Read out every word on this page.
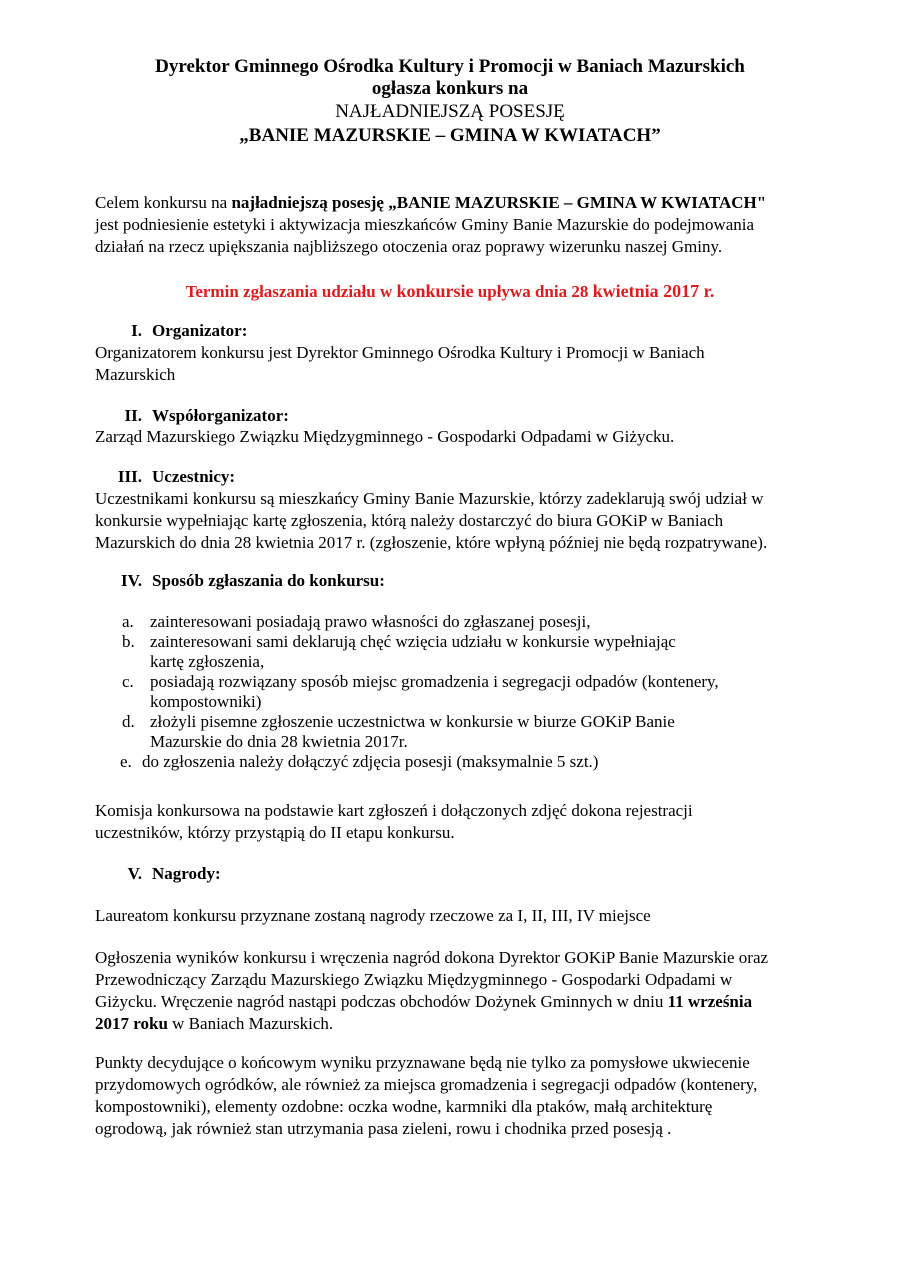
Dyrektor Gminnego Ośrodka Kultury i Promocji w Baniach Mazurskich
ogłasza konkurs na
NAJŁADNIEJSZĄ POSESJĘ
„BANIE MAZURSKIE – GMINA W KWIATACH”
Celem konkursu na najładniejszą posesję „BANIE MAZURSKIE – GMINA W KWIATACH"
jest podniesienie estetyki i aktywizacja mieszkańców Gminy Banie Mazurskie do podejmowania
działań na rzecz upiększania najbliższego otoczenia oraz poprawy wizerunku naszej Gminy.
Termin zgłaszania udziału w konkursie upływa dnia 28 kwietnia 2017 r.
I. Organizator:
Organizatorem konkursu jest Dyrektor Gminnego Ośrodka Kultury i Promocji w Baniach
Mazurskich
II. Współorganizator:
Zarząd Mazurskiego Związku Międzygminnego - Gospodarki Odpadami w Giżycku.
III. Uczestnicy:
Uczestnikami konkursu są mieszkańcy Gminy Banie Mazurskie, którzy zadeklarują swój udział w
konkursie wypełniając kartę zgłoszenia, którą należy dostarczyć do biura GOKiP w Baniach
Mazurskich do dnia 28 kwietnia 2017 r. (zgłoszenie, które wpłyną później nie będą rozpatrywane).
IV. Sposób zgłaszania do konkursu:
a. zainteresowani posiadają prawo własności do zgłaszanej posesji,
b. zainteresowani sami deklarują chęć wzięcia udziału w konkursie wypełniając
kartę zgłoszenia,
c. posiadają rozwiązany sposób miejsc gromadzenia i segregacji odpadów (kontenery,
kompostowniki)
d. złożyli pisemne zgłoszenie uczestnictwa w konkursie w biurze GOKiP Banie
Mazurskie do dnia 28 kwietnia 2017r.
e. do zgłoszenia należy dołączyć zdjęcia posesji (maksymalnie 5 szt.)
Komisja konkursowa na podstawie kart zgłoszeń i dołączonych zdjęć dokona rejestracji
uczestników, którzy przystąpią do II etapu konkursu.
V. Nagrody:
Laureatom konkursu przyznane zostaną nagrody rzeczowe za I, II, III, IV miejsce
Ogłoszenia wyników konkursu i wręczenia nagród dokona Dyrektor GOKiP Banie Mazurskie oraz
Przewodniczący Zarządu Mazurskiego Związku Międzygminnego - Gospodarki Odpadami w
Giżycku. Wręczenie nagród nastąpi podczas obchodów Dożynek Gminnych w dniu 11 września
2017 roku w Baniach Mazurskich.
Punkty decydujące o końcowym wyniku przyznawane będą nie tylko za pomysłowe ukwiecenie
przydomowych ogródków, ale również za miejsca gromadzenia i segregacji odpadów (kontenery,
kompostowniki), elementy ozdobne: oczka wodne, karmniki dla ptaków, małą architekturę
ogrodową, jak również stan utrzymania pasa zieleni, rowu i chodnika przed posesją .
